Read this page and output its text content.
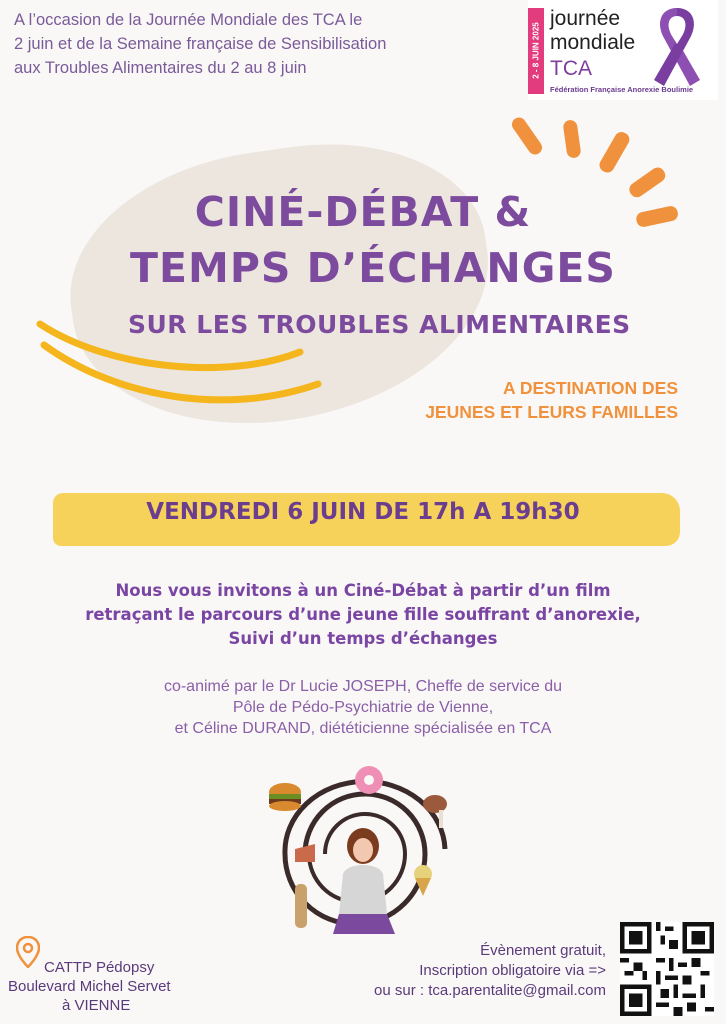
A l’occasion de la Journée Mondiale des TCA le
2 juin et de la Semaine française de Sensibilisation
aux Troubles Alimentaires du 2 au 8 juin	2 - 8 JUIN 2025
journée
mondiale
TCA
Fédération Française Anorexie Boulimie
CINÉ-DÉBAT &
TEMPS D’ÉCHANGES
SUR LES TROUBLES ALIMENTAIRES
A DESTINATION DES
JEUNES ET LEURS FAMILLES
VENDREDI 6 JUIN DE 17h A 19h30
Nous vous invitons à un Ciné-Débat à partir d’un film
retraçant le parcours d’une jeune fille souffrant d’anorexie,
Suivi d’un temps d’échanges
co-animé par le Dr Lucie JOSEPH, Cheffe de service du
Pôle de Pédo-Psychiatrie de Vienne,
et Céline DURAND, diététicienne spécialisée en TCA
CATTP Pédopsy
Boulevard Michel Servet
à VIENNE
Évènement gratuit,
Inscription obligatoire via =>
ou sur : tca.parentalite@gmail.com
